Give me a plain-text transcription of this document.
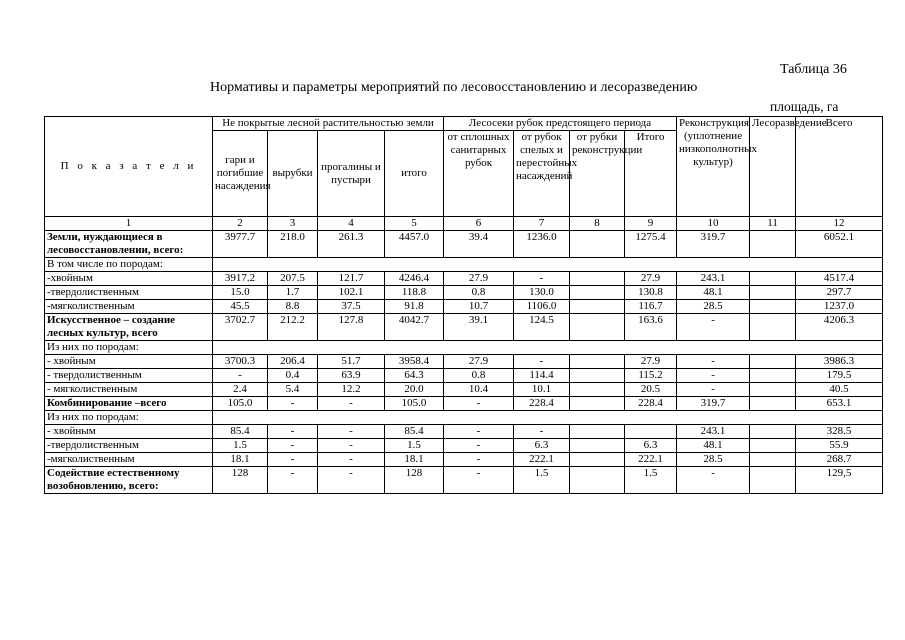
Таблица 36
Нормативы и параметры мероприятий по лесовосстановлению и лесоразведению
площадь, га
П о к а з а т е л и	Не покрытые лесной растительностью земли				Лесосеки рубок предстоящего периода				Реконструкция (уплотнение низкополнотных культур)	Лесоразведение	Всего
	гари и погибшие насаждения	вырубки	прогалины и пустыри	итого	от сплошных санитарных рубок	от рубок спелых и перестойных насаждений	от рубки реконструкции	Итого			
1	2	3	4	5	6	7	8	9	10	11	12
Земли, нуждающиеся в лесовосстановлении, всего:	3977.7	218.0	261.3	4457.0	39.4	1236.0		1275.4	319.7		6052.1
В том числе по породам:											
-хвойным	3917.2	207.5	121.7	4246.4	27.9	-		27.9	243.1		4517.4
-твердолиственным	15.0	1.7	102.1	118.8	0.8	130.0		130.8	48.1		297.7
-мягколиственным	45.5	8.8	37.5	91.8	10.7	1106.0		116.7	28.5		1237.0
Искусственное – создание лесных культур, всего	3702.7	212.2	127.8	4042.7	39.1	124.5		163.6	-		4206.3
Из них по породам:											
- хвойным	3700.3	206.4	51.7	3958.4	27.9	-		27.9	-		3986.3
- твердолиственным	-	0.4	63.9	64.3	0.8	114.4		115.2	-		179.5
- мягколиственным	2.4	5.4	12.2	20.0	10.4	10.1		20.5	-		40.5
Комбинирование –всего	105.0	-	-	105.0	-	228.4		228.4	319.7		653.1
Из них по породам:											
- хвойным	85.4	-	-	85.4	-	-			243.1		328.5
-твердолиственным	1.5	-	-	1.5	-	6.3		6.3	48.1		55.9
-мягколиственным	18.1	-	-	18.1	-	222.1		222.1	28.5		268.7
Содействие естественному возобновлению, всего:	128	-	-	128	-	1.5		1.5	-		129,5
